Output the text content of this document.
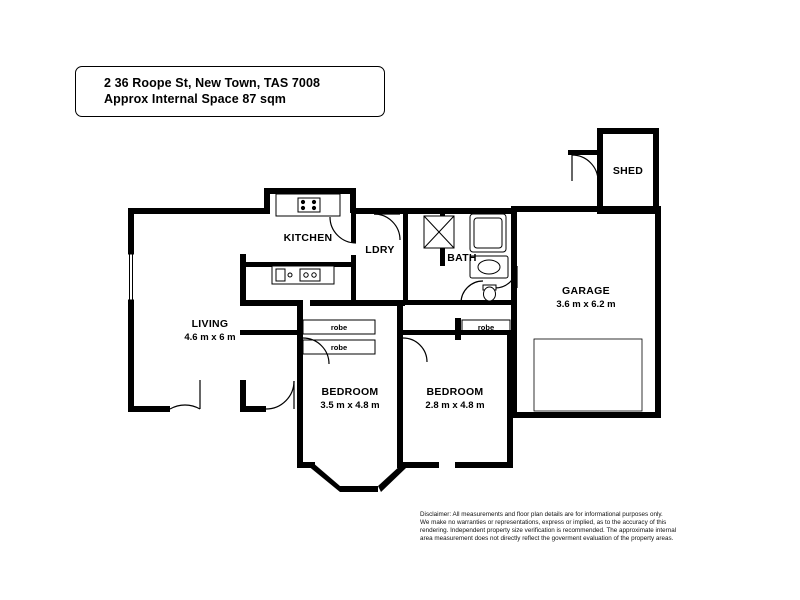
2 36 Roope St, New Town, TAS 7008
Approx Internal Space 87 sqm
LIVING
4.6 m x 6 m
KITCHEN
LDRY
BATH
GARAGE
3.6 m x 6.2 m
SHED
BEDROOM
3.5 m x 4.8 m
BEDROOM
2.8 m x 4.8 m
robe
robe
robe
Disclaimer: All measurements and floor plan details are for informational purposes only.
We make no warranties or representations, express or implied, as to the accuracy of this
rendering. Independent property size verification is recommended. The approximate internal
area measurement does not directly reflect the goverment evaluation of the property areas.
